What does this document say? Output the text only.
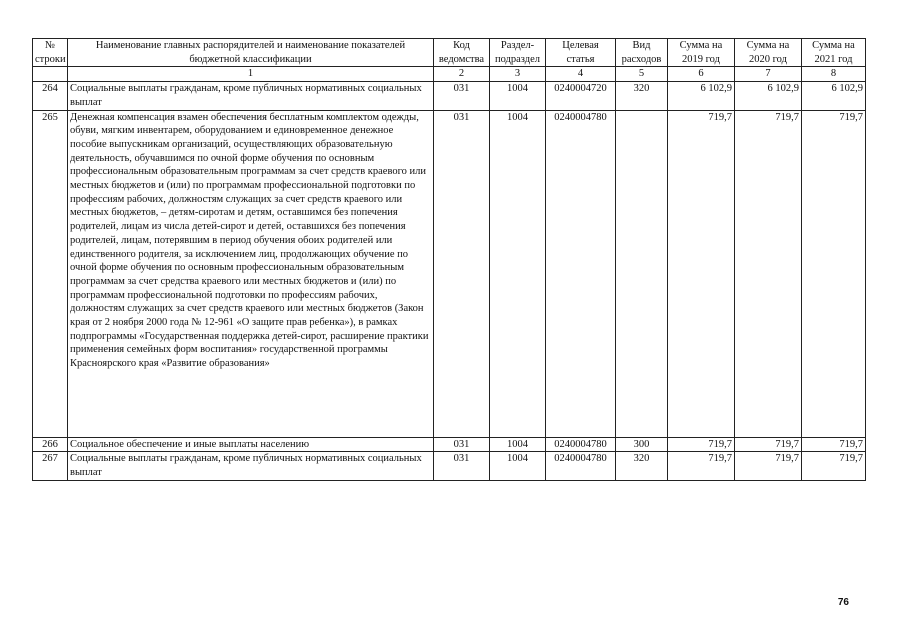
№ строки	Наименование главных распорядителей и наименование показателей бюджетной классификации	Код ведомства	Раздел-подраздел	Целевая статья	Вид расходов	Сумма на 2019 год	Сумма на 2020 год	Сумма на 2021 год
	1	2	3	4	5	6	7	8
264	Социальные выплаты гражданам, кроме публичных нормативных социальных выплат	031	1004	0240004720	320	6 102,9	6 102,9	6 102,9
265	Денежная компенсация взамен обеспечения бесплатным комплектом одежды, обуви, мягким инвентарем, оборудованием и единовременное денежное пособие выпускникам организаций, осуществляющих образовательную деятельность, обучавшимся по очной форме обучения по основным профессиональным образовательным программам за счет средств краевого или местных бюджетов и (или) по программам профессиональной подготовки по профессиям рабочих, должностям служащих за счет средств краевого или местных бюджетов, – детям-сиротам и детям, оставшимся без попечения родителей, лицам из числа детей-сирот и детей, оставшихся без попечения родителей, лицам, потерявшим в период обучения обоих родителей или единственного родителя, за исключением лиц, продолжающих обучение по очной форме обучения по основным профессиональным образовательным программам за счет средства краевого или местных бюджетов и (или) по программам профессиональной подготовки по профессиям рабочих, должностям служащих за счет средств краевого или местных бюджетов (Закон края от 2 ноября 2000 года № 12-961 «О защите прав ребенка»), в рамках подпрограммы «Государственная поддержка детей-сирот, расширение практики применения семейных форм воспитания» государственной программы Красноярского края «Развитие образования»	031	1004	0240004780		719,7	719,7	719,7
266	Социальное обеспечение и иные выплаты населению	031	1004	0240004780	300	719,7	719,7	719,7
267	Социальные выплаты гражданам, кроме публичных нормативных социальных выплат	031	1004	0240004780	320	719,7	719,7	719,7
76
